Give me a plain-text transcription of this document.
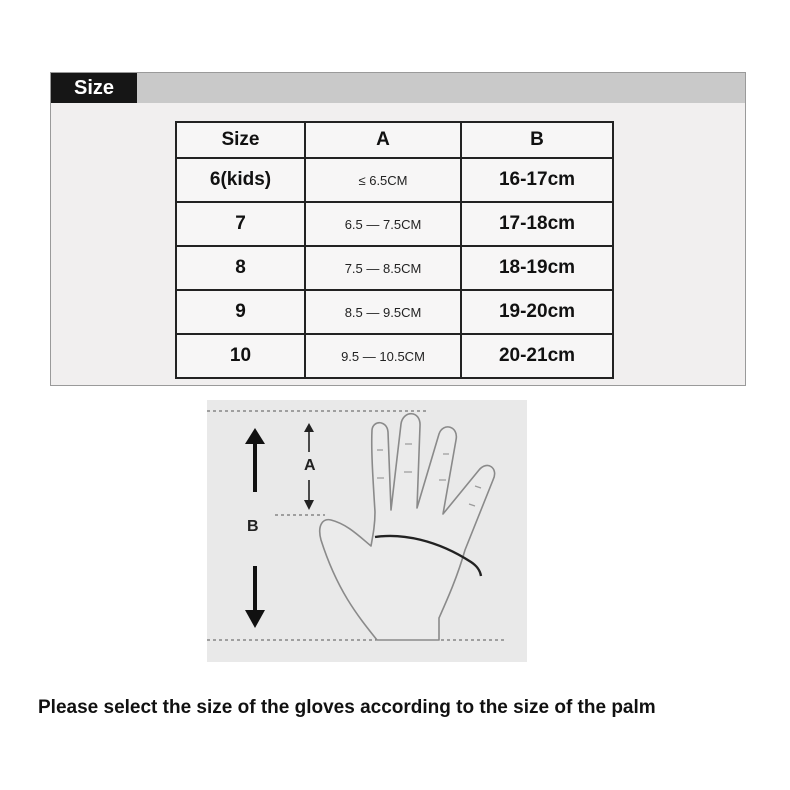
Size
Size	A	B
6(kids)	≤ 6.5CM	16-17cm
7	6.5 — 7.5CM	17-18cm
8	7.5 — 8.5CM	18-19cm
9	8.5 — 9.5CM	19-20cm
10	9.5 — 10.5CM	20-21cm
A
B
Please select the size of the gloves according to the size of the palm
